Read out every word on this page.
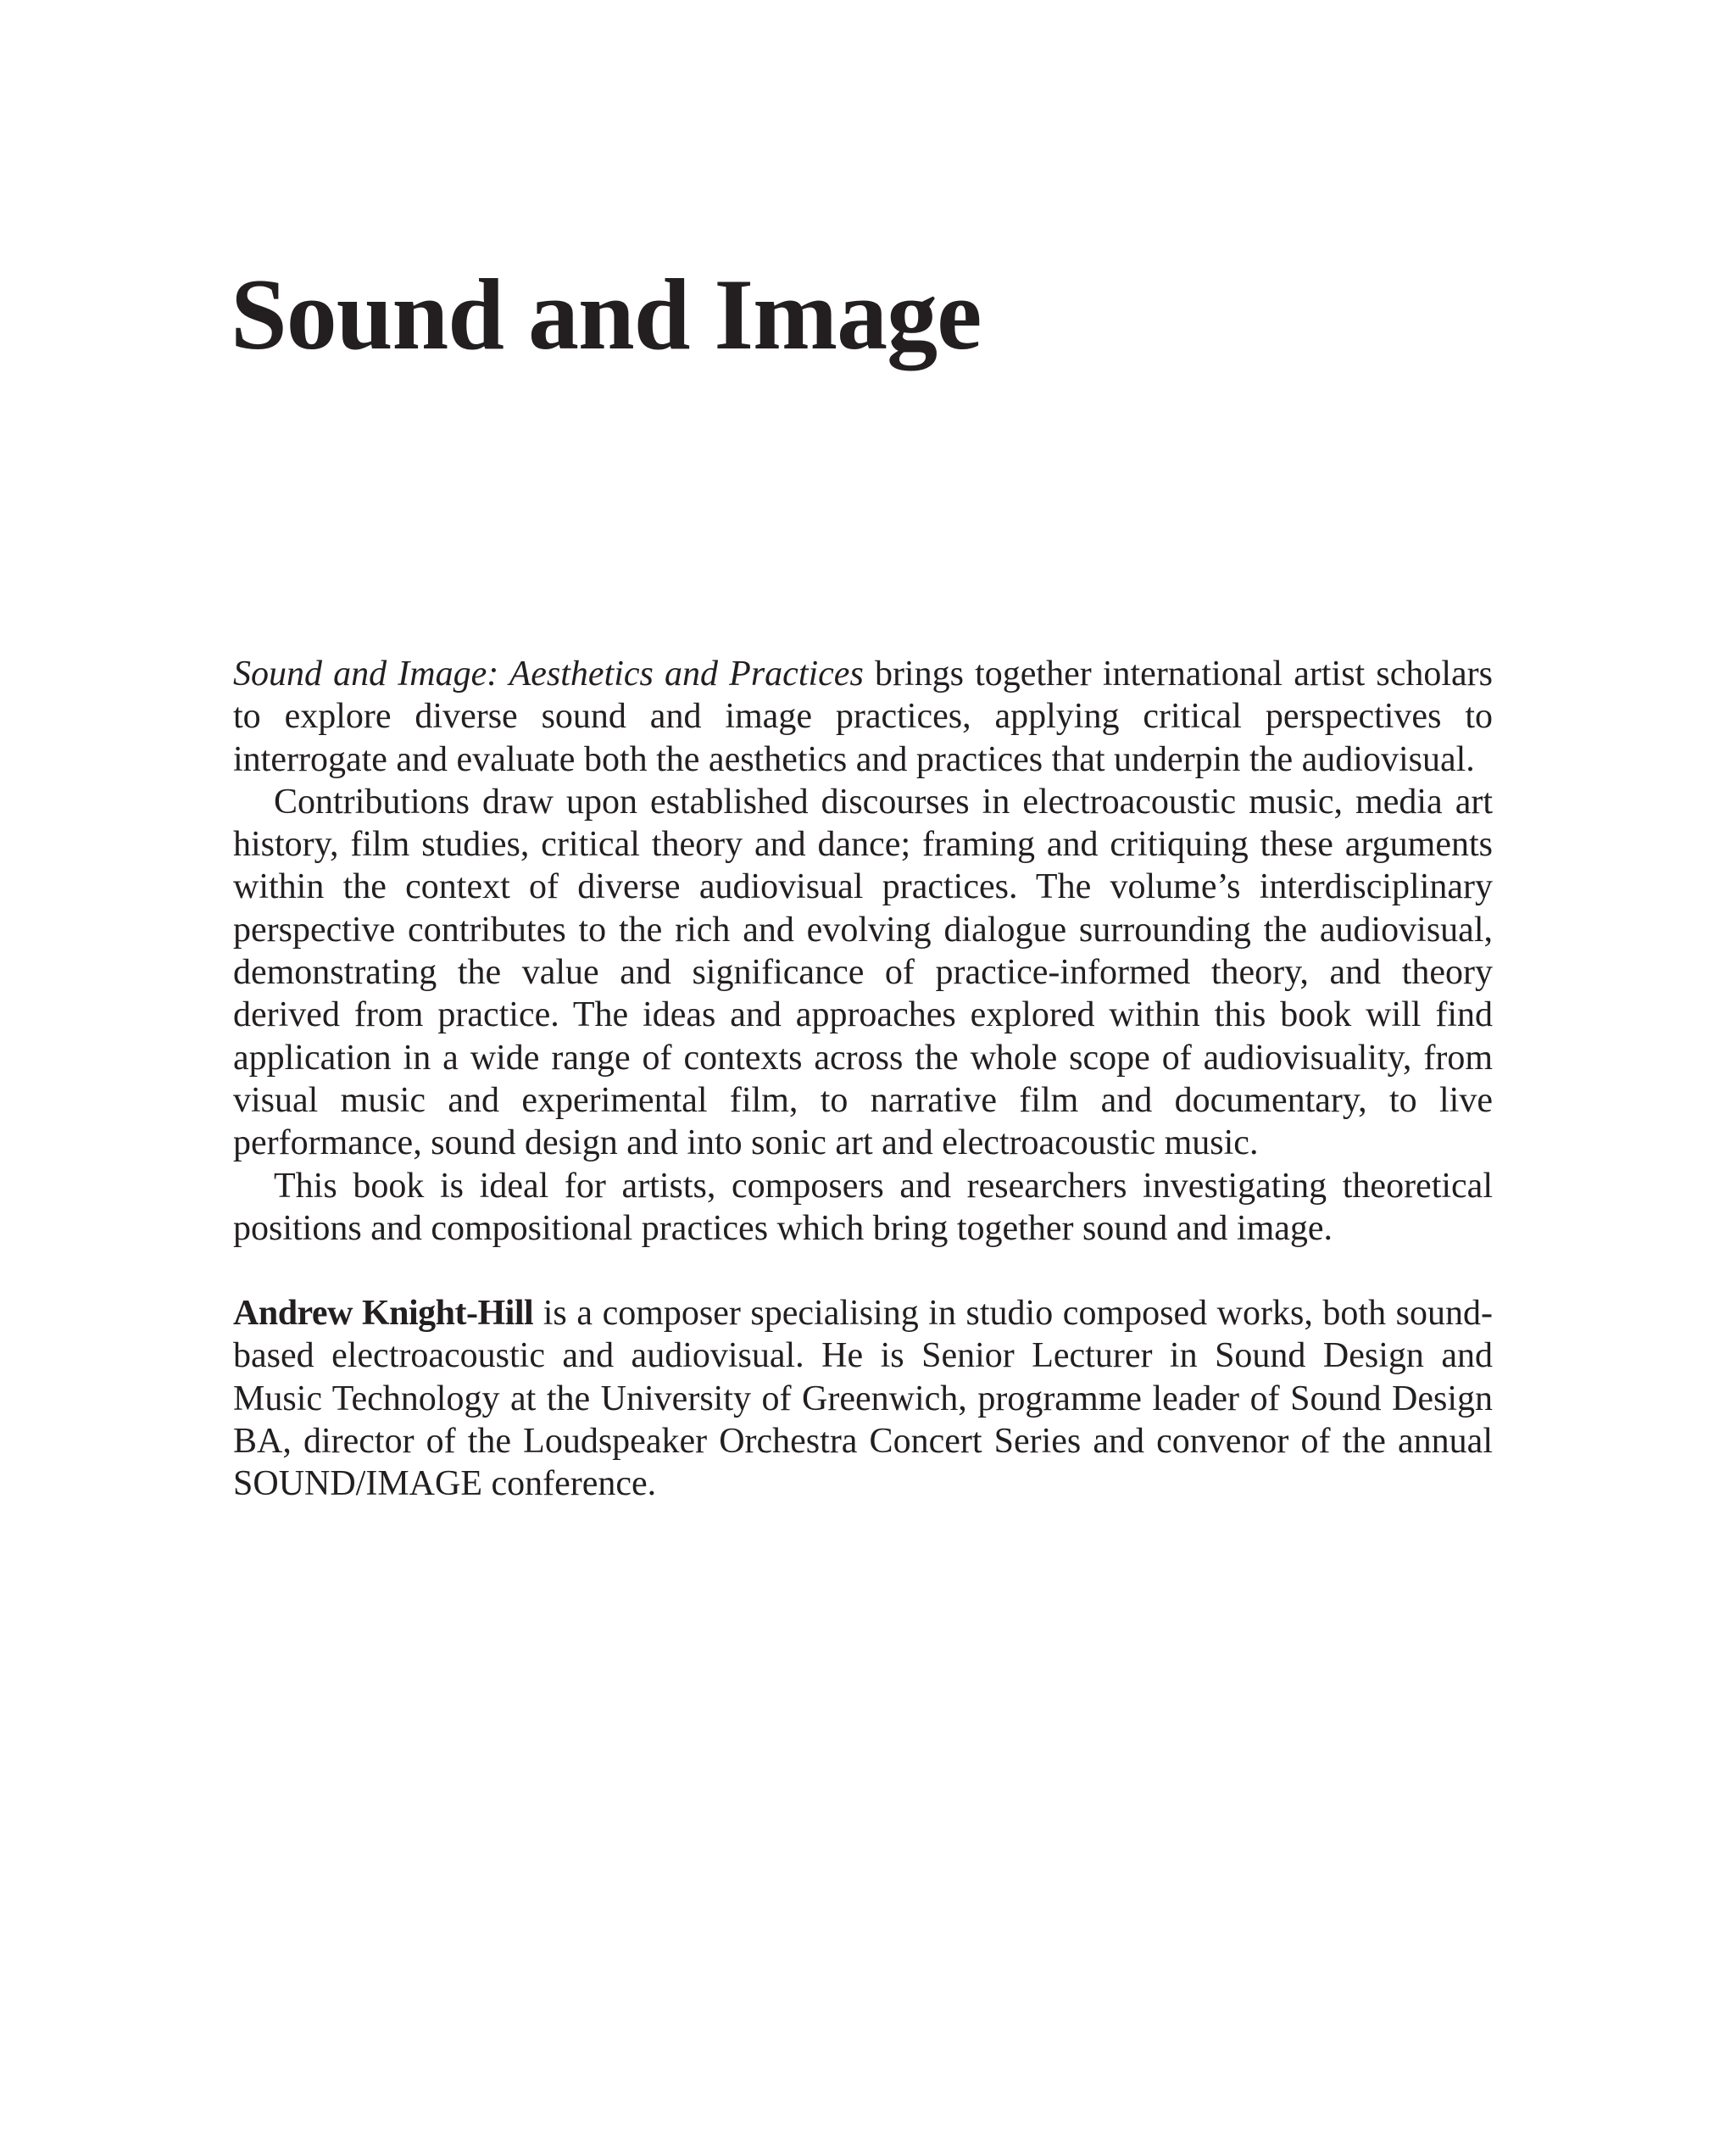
Sound and Image

Sound and Image: Aesthetics and Practices brings together international artist scholars to explore diverse sound and image practices, applying critical perspectives to interrogate and evaluate both the aesthetics and practices that underpin the audiovisual.

Contributions draw upon established discourses in electroacoustic music, media art history, film studies, critical theory and dance; framing and critiquing these arguments within the context of diverse audiovisual practices. The volume’s interdisciplinary perspective contributes to the rich and evolving dialogue surrounding the audiovisual, demonstrating the value and significance of practice-informed theory, and theory derived from practice. The ideas and approaches explored within this book will find application in a wide range of contexts across the whole scope of audiovisuality, from visual music and experimental film, to narrative film and documentary, to live performance, sound design and into sonic art and electroacoustic music.

This book is ideal for artists, composers and researchers investigating theoretical positions and compositional practices which bring together sound and image.

Andrew Knight-Hill is a composer specialising in studio composed works, both sound-based electroacoustic and audiovisual. He is Senior Lecturer in Sound Design and Music Technology at the University of Greenwich, programme leader of Sound Design BA, director of the Loudspeaker Orchestra Concert Series and convenor of the annual SOUND/IMAGE conference.
